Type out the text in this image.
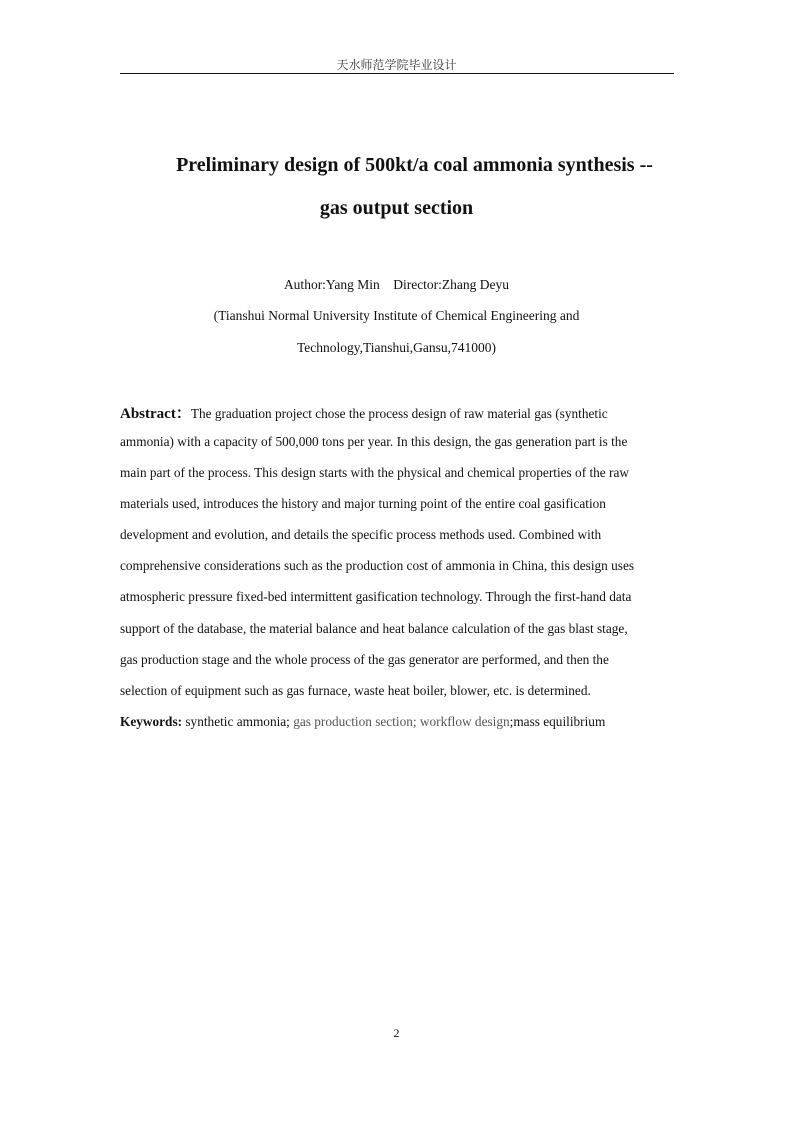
天水师范学院毕业设计
Preliminary design of 500kt/a coal ammonia synthesis --
gas output section
Author:Yang Min    Director:Zhang Deyu
(Tianshui Normal University Institute of Chemical Engineering and
Technology,Tianshui,Gansu,741000)
Abstract：The graduation project chose the process design of raw material gas (synthetic
ammonia) with a capacity of 500,000 tons per year. In this design, the gas generation part is the
main part of the process. This design starts with the physical and chemical properties of the raw
materials used, introduces the history and major turning point of the entire coal gasification
development and evolution, and details the specific process methods used. Combined with
comprehensive considerations such as the production cost of ammonia in China, this design uses
atmospheric pressure fixed-bed intermittent gasification technology. Through the first-hand data
support of the database, the material balance and heat balance calculation of the gas blast stage,
gas production stage and the whole process of the gas generator are performed, and then the
selection of equipment such as gas furnace, waste heat boiler, blower, etc. is determined.
Keywords: synthetic ammonia; gas production section; workflow design;mass equilibrium
2
